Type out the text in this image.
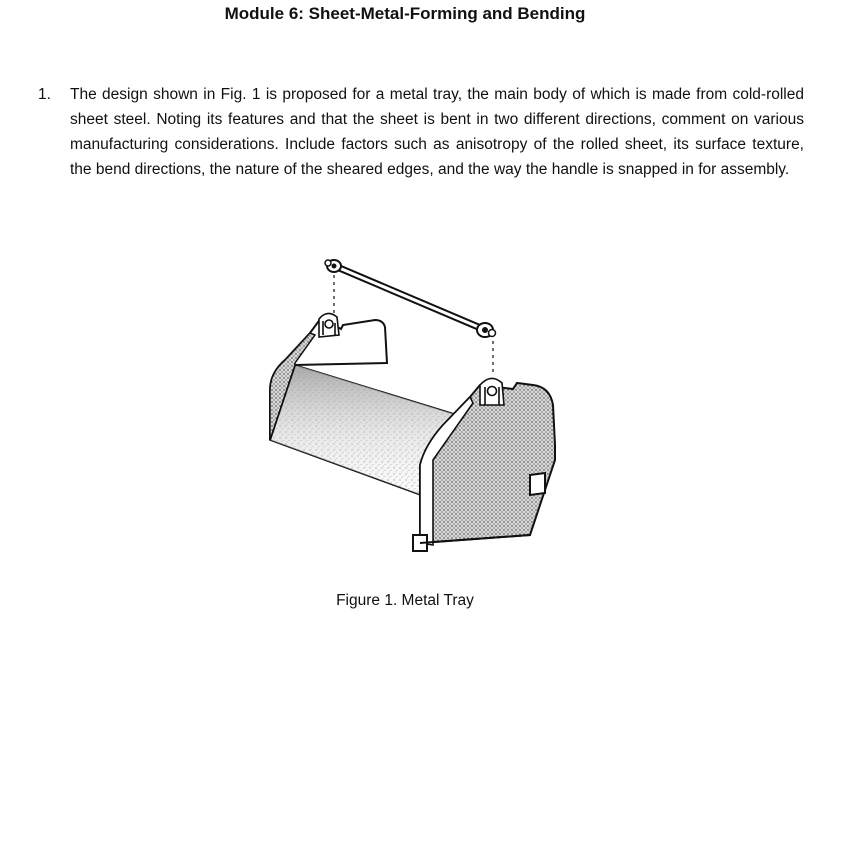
Module 6: Sheet-Metal-Forming and Bending
1.	The design shown in Fig. 1 is proposed for a metal tray, the main body of which is made from cold-rolled sheet steel. Noting its features and that the sheet is bent in two different directions, comment on various manufacturing considerations. Include factors such as anisotropy of the rolled sheet, its surface texture, the bend directions, the nature of the sheared edges, and the way the handle is snapped in for assembly.
Figure 1. Metal Tray
